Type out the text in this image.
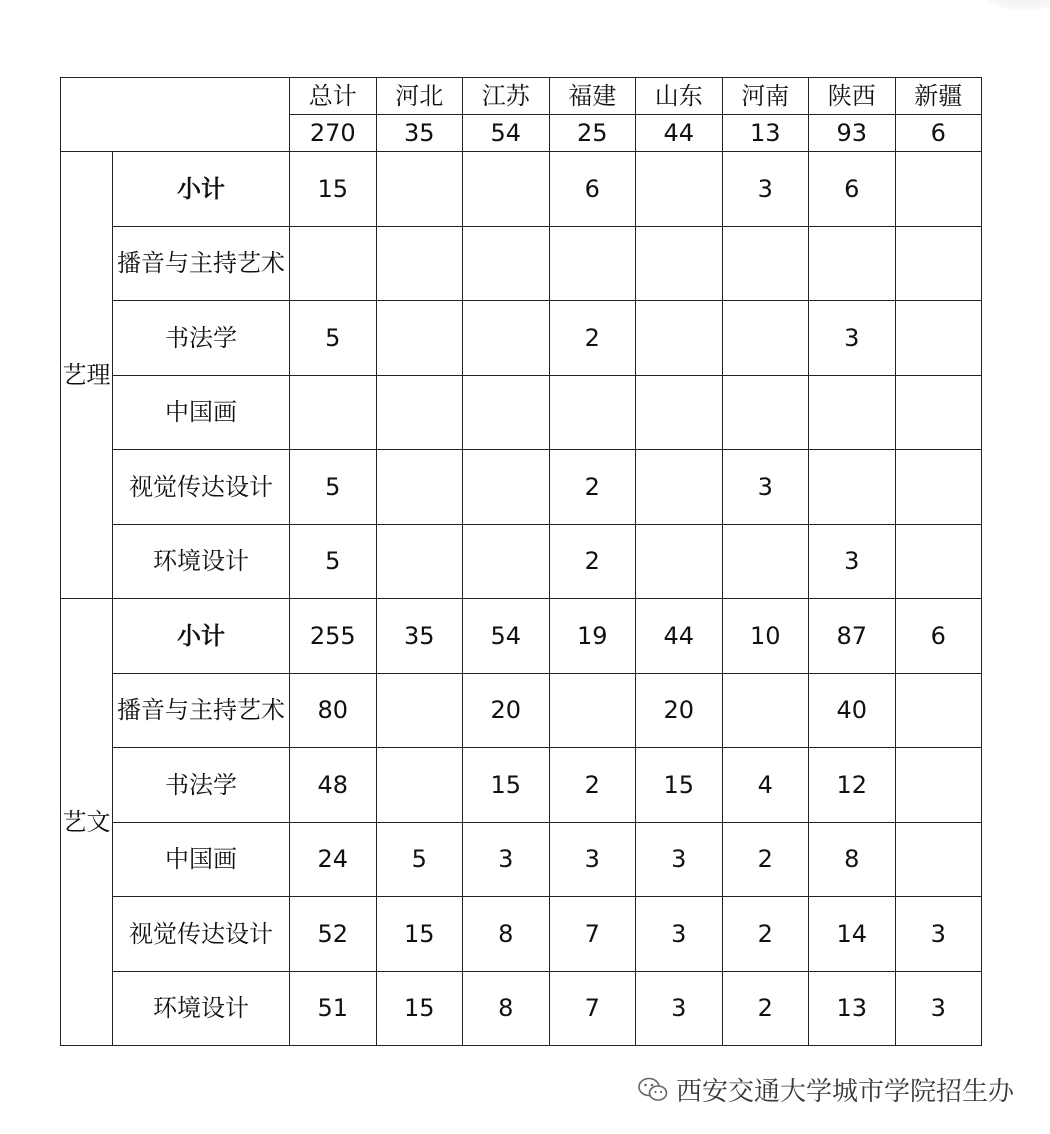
		总计	河北	江苏	福建	山东	河南	陕西	新疆
		270	35	54	25	44	13	93	6
艺理	小计	15			6		3	6	
	播音与主持艺术								
	书法学	5			2			3	
	中国画								
	视觉传达设计	5			2		3		
	环境设计	5			2			3	
艺文	小计	255	35	54	19	44	10	87	6
	播音与主持艺术	80		20		20		40	
	书法学	48		15	2	15	4	12	
	中国画	24	5	3	3	3	2	8	
	视觉传达设计	52	15	8	7	3	2	14	3
	环境设计	51	15	8	7	3	2	13	3
西安交通大学城市学院招生办
